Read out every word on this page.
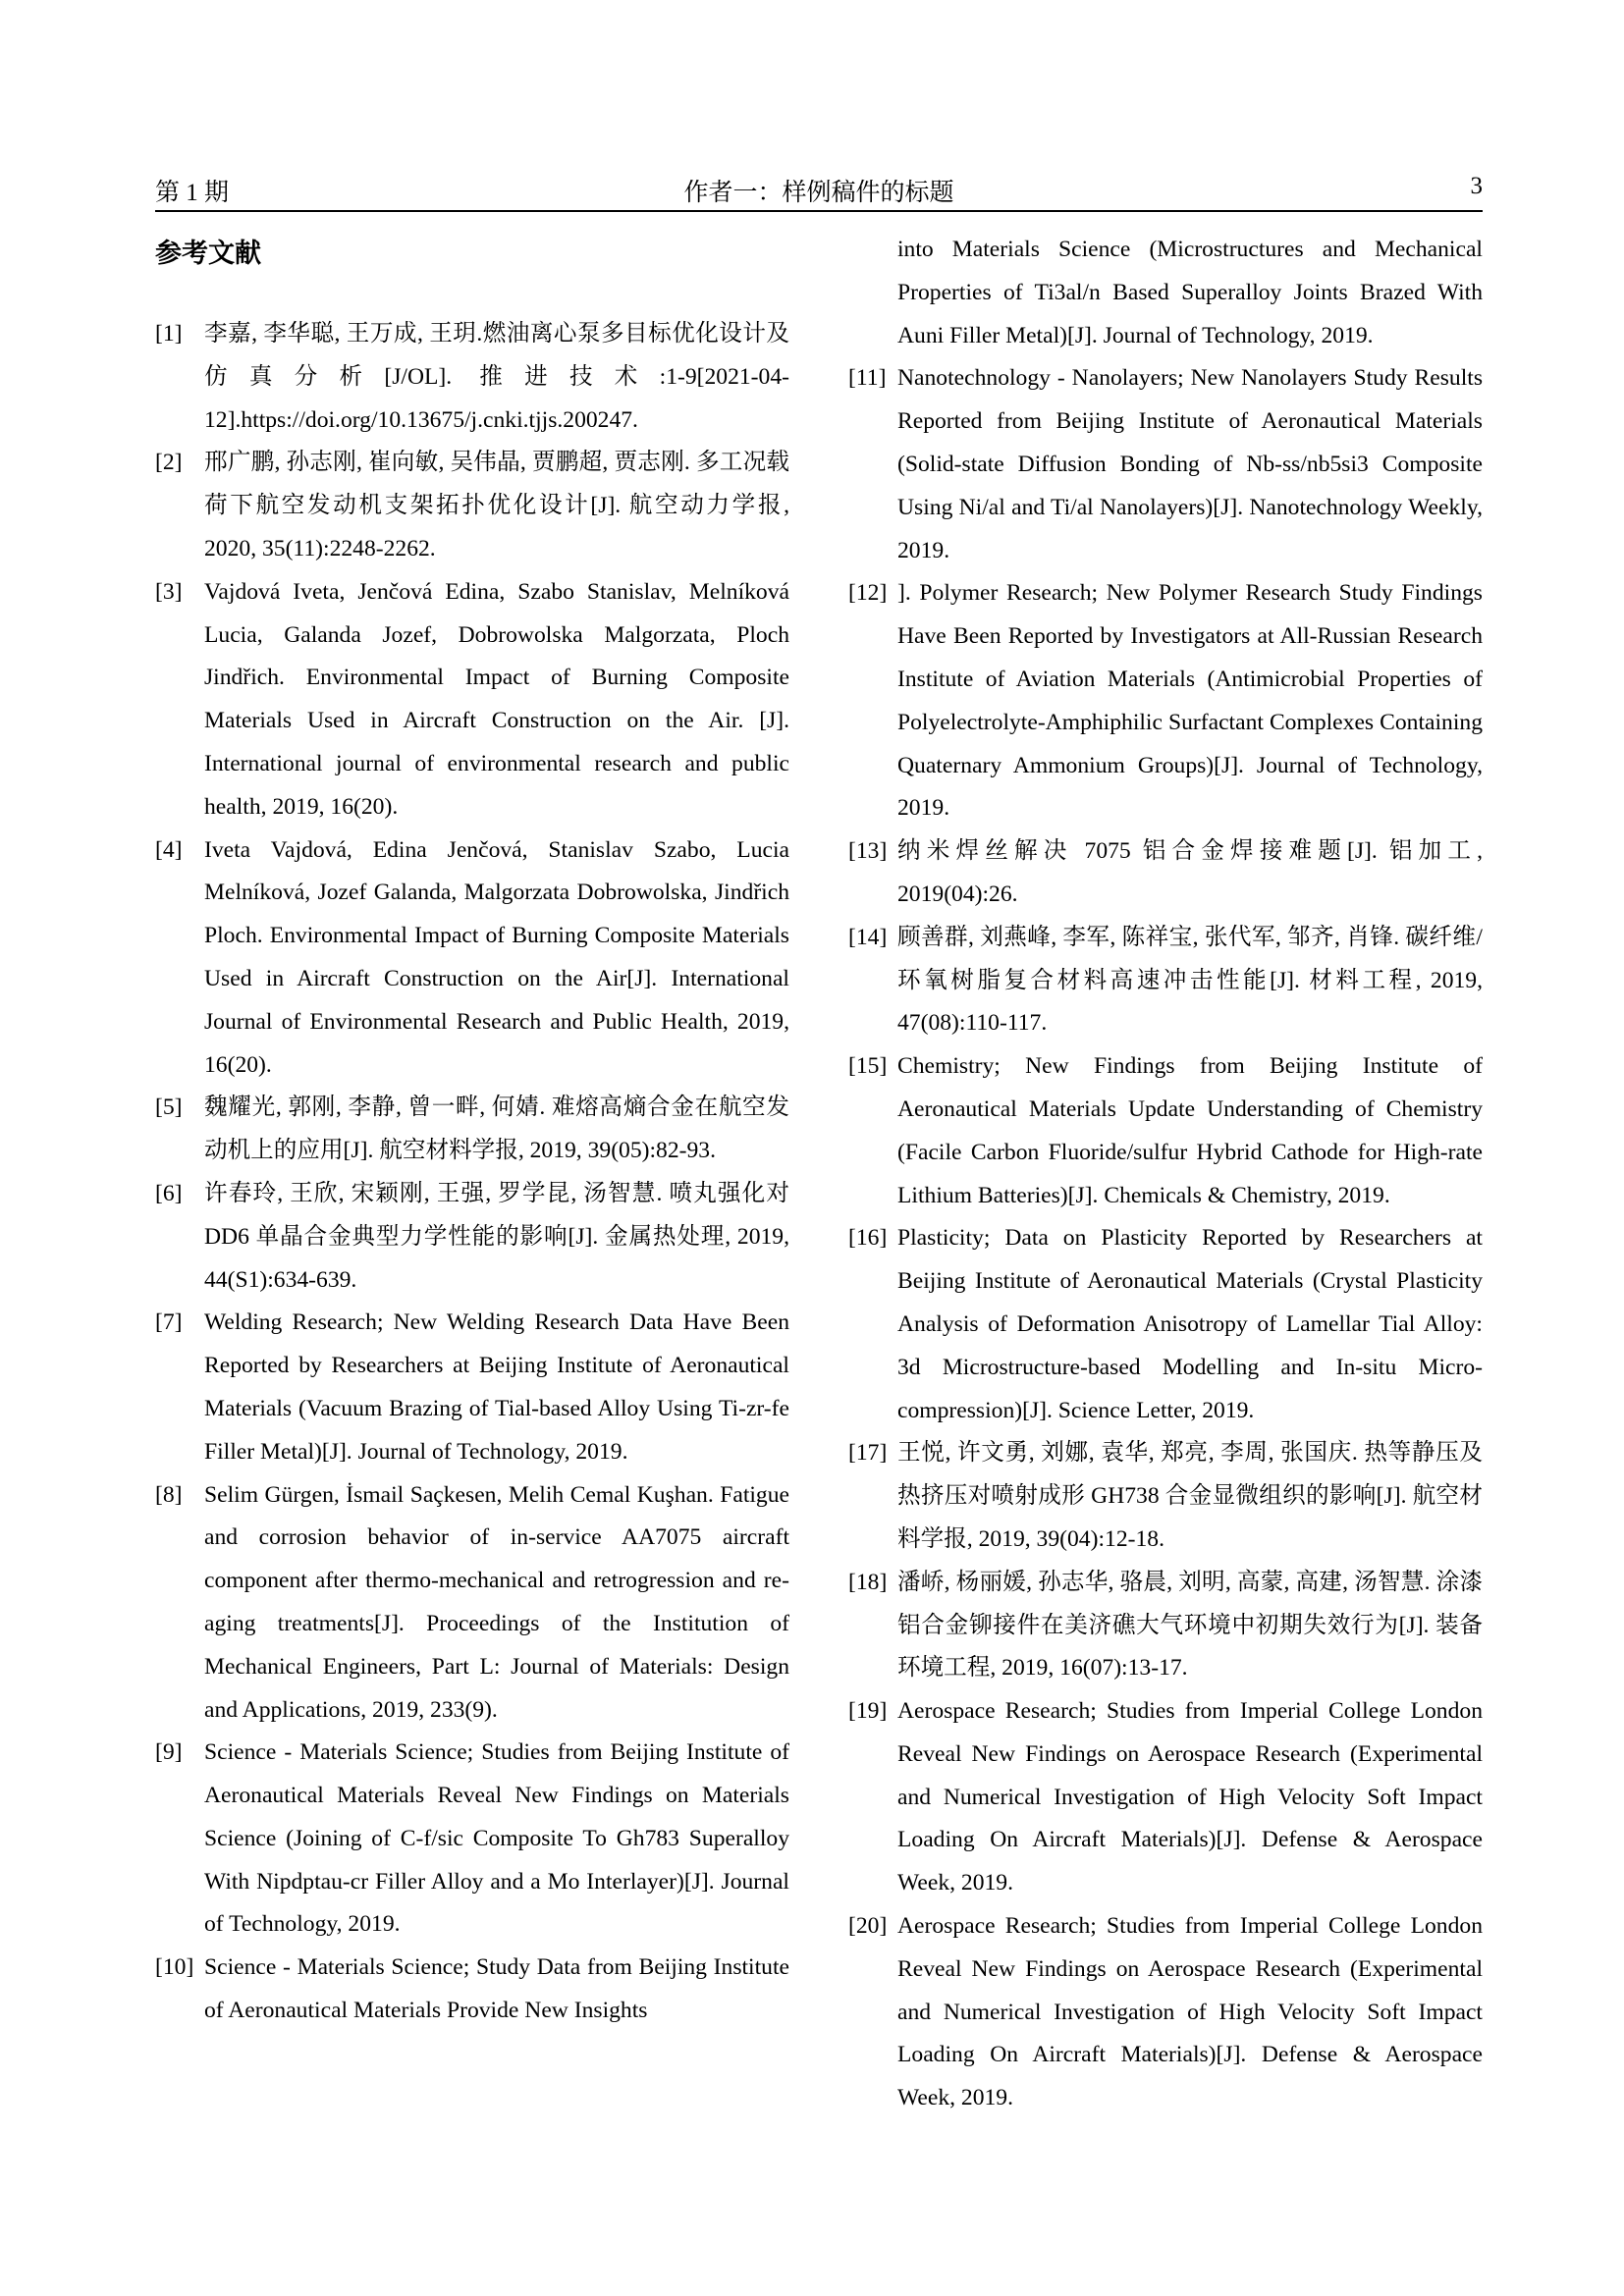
第 1 期	作者一：样例稿件的标题	3
参考文献
[1] 李嘉, 李华聪, 王万成, 王玥.燃油离心泵多目标优化设计及仿真分析[J/OL]. 推进技术:1-9[2021-04-12].https://doi.org/10.13675/j.cnki.tjjs.200247.
[2] 邢广鹏, 孙志刚, 崔向敏, 吴伟晶, 贾鹏超, 贾志刚. 多工况载荷下航空发动机支架拓扑优化设计[J]. 航空动力学报, 2020, 35(11):2248-2262.
[3] Vajdová Iveta, Jenčová Edina, Szabo Stanislav, Melníková Lucia, Galanda Jozef, Dobrowolska Malgorzata, Ploch Jindřich. Environmental Impact of Burning Composite Materials Used in Aircraft Construction on the Air. [J]. International journal of environmental research and public health, 2019, 16(20).
[4] Iveta Vajdová, Edina Jenčová, Stanislav Szabo, Lucia Melníková, Jozef Galanda, Malgorzata Dobrowolska, Jindřich Ploch. Environmental Impact of Burning Composite Materials Used in Aircraft Construction on the Air[J]. International Journal of Environmental Research and Public Health, 2019, 16(20).
[5] 魏耀光, 郭刚, 李静, 曾一畔, 何婧. 难熔高熵合金在航空发动机上的应用[J]. 航空材料学报, 2019, 39(05):82-93.
[6] 许春玲, 王欣, 宋颖刚, 王强, 罗学昆, 汤智慧. 喷丸强化对 DD6 单晶合金典型力学性能的影响[J]. 金属热处理, 2019, 44(S1):634-639.
[7] Welding Research; New Welding Research Data Have Been Reported by Researchers at Beijing Institute of Aeronautical Materials (Vacuum Brazing of Tial-based Alloy Using Ti-zr-fe Filler Metal)[J]. Journal of Technology, 2019.
[8] Selim Gürgen, İsmail Saçkesen, Melih Cemal Kuşhan. Fatigue and corrosion behavior of in-service AA7075 aircraft component after thermo-mechanical and retrogression and re-aging treatments[J]. Proceedings of the Institution of Mechanical Engineers, Part L: Journal of Materials: Design and Applications, 2019, 233(9).
[9] Science - Materials Science; Studies from Beijing Institute of Aeronautical Materials Reveal New Findings on Materials Science (Joining of C-f/sic Composite To Gh783 Superalloy With Nipdptau-cr Filler Alloy and a Mo Interlayer)[J]. Journal of Technology, 2019.
[10] Science - Materials Science; Study Data from Beijing Institute of Aeronautical Materials Provide New Insights
into Materials Science (Microstructures and Mechanical Properties of Ti3al/n Based Superalloy Joints Brazed With Auni Filler Metal)[J]. Journal of Technology, 2019.
[11] Nanotechnology - Nanolayers; New Nanolayers Study Results Reported from Beijing Institute of Aeronautical Materials (Solid-state Diffusion Bonding of Nb-ss/nb5si3 Composite Using Ni/al and Ti/al Nanolayers)[J]. Nanotechnology Weekly, 2019.
[12] ]. Polymer Research; New Polymer Research Study Findings Have Been Reported by Investigators at All-Russian Research Institute of Aviation Materials (Antimicrobial Properties of Polyelectrolyte-Amphiphilic Surfactant Complexes Containing Quaternary Ammonium Groups)[J]. Journal of Technology, 2019.
[13] 纳米焊丝解决 7075 铝合金焊接难题[J]. 铝加工, 2019(04):26.
[14] 顾善群, 刘燕峰, 李军, 陈祥宝, 张代军, 邹齐, 肖锋. 碳纤维/环氧树脂复合材料高速冲击性能[J]. 材料工程, 2019, 47(08):110-117.
[15] Chemistry; New Findings from Beijing Institute of Aeronautical Materials Update Understanding of Chemistry (Facile Carbon Fluoride/sulfur Hybrid Cathode for High-rate Lithium Batteries)[J]. Chemicals & Chemistry, 2019.
[16] Plasticity; Data on Plasticity Reported by Researchers at Beijing Institute of Aeronautical Materials (Crystal Plasticity Analysis of Deformation Anisotropy of Lamellar Tial Alloy: 3d Microstructure-based Modelling and In-situ Micro-compression)[J]. Science Letter, 2019.
[17] 王悦, 许文勇, 刘娜, 袁华, 郑亮, 李周, 张国庆. 热等静压及热挤压对喷射成形 GH738 合金显微组织的影响[J]. 航空材料学报, 2019, 39(04):12-18.
[18] 潘峤, 杨丽媛, 孙志华, 骆晨, 刘明, 高蒙, 高建, 汤智慧. 涂漆铝合金铆接件在美济礁大气环境中初期失效行为[J]. 装备环境工程, 2019, 16(07):13-17.
[19] Aerospace Research; Studies from Imperial College London Reveal New Findings on Aerospace Research (Experimental and Numerical Investigation of High Velocity Soft Impact Loading On Aircraft Materials)[J]. Defense & Aerospace Week, 2019.
[20] Aerospace Research; Studies from Imperial College London Reveal New Findings on Aerospace Research (Experimental and Numerical Investigation of High Velocity Soft Impact Loading On Aircraft Materials)[J]. Defense & Aerospace Week, 2019.
